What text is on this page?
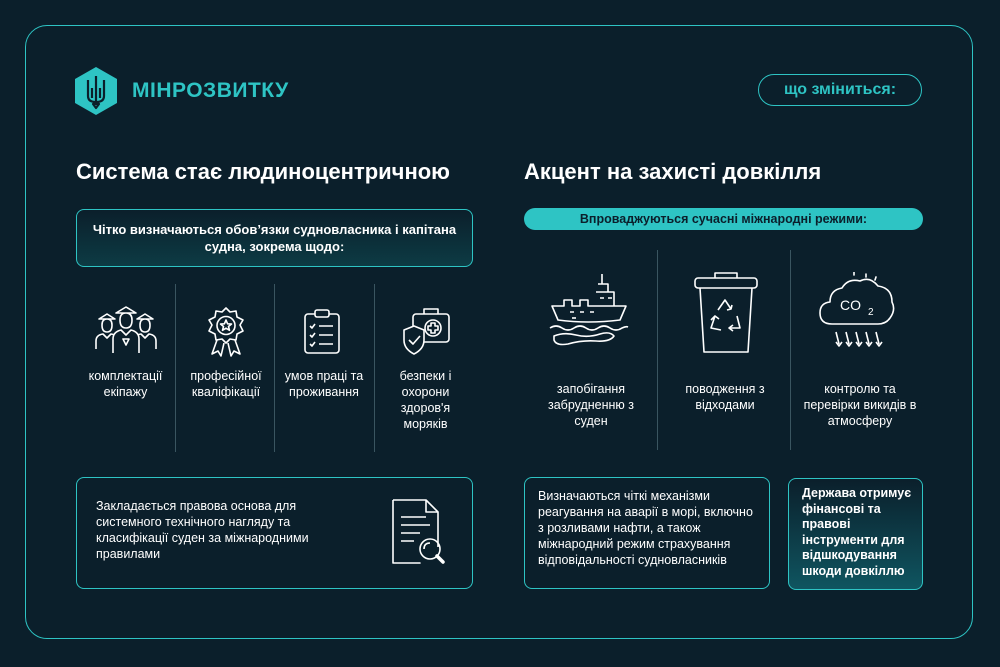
МІНРОЗВИТКУ	що зміниться:
Система стає людиноцентричною
Чітко визначаються обов’язки судновласника і капітана судна, зокрема щодо:
комплектації екіпажу
професійної кваліфікації
умов праці та проживання
безпеки і охорони здоров'я моряків
Закладається правова основа для системного технічного нагляду та класифікації суден за міжнародними правилами
Акцент на захисті довкілля
Впроваджуються сучасні міжнародні режими:
запобігання забрудненню з суден
поводження з відходами
CO 2
контролю та перевірки викидів в атмосферу
Визначаються чіткі механізми реагування на аварії в морі, включно з розливами нафти, а також міжнародний режим страхування відповідальності судновласників
Держава отримує фінансові та правові інструменти для відшкодування шкоди довкіллю
